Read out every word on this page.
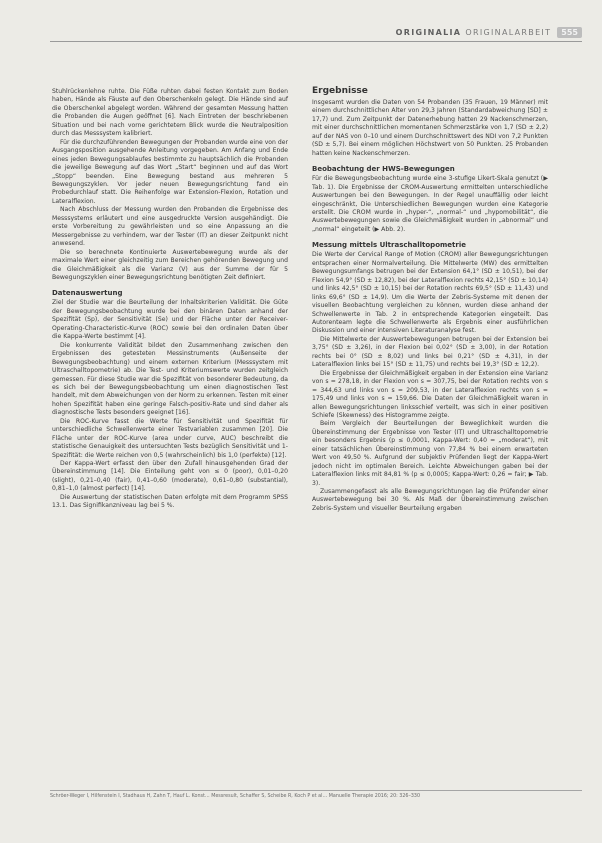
ORIGINALIA ORIGINALARBEIT	555

Stuhlrückenlehne ruhte. Die Füße ruhten dabei festen Kontakt zum Boden haben, Hände als Fäuste auf den Oberschenkeln gelegt. Die Hände sind auf die Oberschenkel abgelegt worden. Während der gesamten Messung hatten die Probanden die Augen geöffnet [6]. Nach Eintreten der beschriebenen Situation und bei nach vorne gerichtetem Blick wurde die Neutralposition durch das Messsystem kalibriert.

Für die durchzuführenden Bewegungen der Probanden wurde eine von der Ausgangsposition ausgehende Anleitung vorgegeben. Am Anfang und Ende eines jeden Bewegungsablaufes bestimmte zu hauptsächlich die Probanden die jeweilige Bewegung auf das Wort „Start“ beginnen und auf das Wort „Stopp“ beenden. Eine Bewegung bestand aus mehreren 5 Bewegungszyklen. Vor jeder neuen Bewegungsrichtung fand ein Probedurchlauf statt. Die Reihenfolge war Extension-Flexion, Rotation und Lateralflexion.

Nach Abschluss der Messung wurden den Probanden die Ergebnisse des Messsystems erläutert und eine ausgedruckte Version ausgehändigt. Die erste Vorbereitung zu gewährleisten und so eine Anpassung an die Messergebnisse zu verhindern, war der Tester (IT) an dieser Zeitpunkt nicht anwesend.

Die so berechnete Kontinuierte Auswertebewegung wurde als der maximale Wert einer gleichzeitig zum Bereichen gehörenden Bewegung und die Gleichmäßigkeit als die Varianz (V) aus der Summe der für 5 Bewegungszyklen einer Bewegungsrichtung benötigten Zeit definiert.

Datenauswertung

Ziel der Studie war die Beurteilung der Inhaltskriterien Validität. Die Güte der Bewegungsbeobachtung wurde bei den binären Daten anhand der Spezifität (Sp), der Sensitivität (Se) und der Fläche unter der Receiver-Operating-Characteristic-Kurve (ROC) sowie bei den ordinalen Daten über die Kappa-Werte bestimmt [4].

Die konkurrente Validität bildet den Zusammenhang zwischen den Ergebnissen des getesteten Messinstruments (Außenseite der Bewegungsbeobachtung) und einem externen Kriterium (Messsystem mit Ultraschalltopometrie) ab. Die Test- und Kriteriumswerte wurden zeitgleich gemessen. Für diese Studie war die Spezifität von besonderer Bedeutung, da es sich bei der Bewegungsbeobachtung um einen diagnostischen Test handelt, mit dem Abweichungen von der Norm zu erkennen. Testen mit einer hohen Spezifität haben eine geringe Falsch-positiv-Rate und sind daher als diagnostische Tests besonders geeignet [16].

Die ROC-Kurve fasst die Werte für Sensitivität und Spezifität für unterschiedliche Schwellenwerte einer Testvariablen zusammen [20]. Die Fläche unter der ROC-Kurve (area under curve, AUC) beschreibt die statistische Genauigkeit des untersuchten Tests bezüglich Sensitivität und 1-Spezifität: die Werte reichen von 0,5 (wahrscheinlich) bis 1,0 (perfekte) [12].

Der Kappa-Wert erfasst den über den Zufall hinausgehenden Grad der Übereinstimmung [14]. Die Einteilung geht von ≤ 0 (poor), 0,01–0,20 (slight), 0,21–0,40 (fair), 0,41–0,60 (moderate), 0,61–0,80 (substantial), 0,81–1,0 (almost perfect) [14].

Die Auswertung der statistischen Daten erfolgte mit dem Programm SPSS 13.1. Das Signifikanzniveau lag bei 5 %.

Ergebnisse

Insgesamt wurden die Daten von 54 Probanden (35 Frauen, 19 Männer) mit einem durchschnittlichen Alter von 29,3 Jahren (Standardabweichung [SD] ± 17,7) und. Zum Zeitpunkt der Datenerhebung hatten 29 Nackenschmerzen, mit einer durchschnittlichen momentanen Schmerzstärke von 1,7 (SD ± 2,2) auf der NAS von 0–10 und einem Durchschnittswert des NDI von 7,2 Punkten (SD ± 5,7). Bei einem möglichen Höchstwert von 50 Punkten. 25 Probanden hatten keine Nackenschmerzen.

Beobachtung der HWS-Bewegungen

Für die Bewegungsbeobachtung wurde eine 3-stufige Likert-Skala genutzt (▶ Tab. 1). Die Ergebnisse der CROM-Auswertung ermittelten unterschiedliche Auswertungen bei den Bewegungen. In der Regel unauffällig oder leicht eingeschränkt, Die Unterschiedlichen Bewegungen wurden eine Kategorie erstellt. Die CROM wurde in „hyper-“, „normal-“ und „hypomobilität“, die Auswertebewegungen sowie die Gleichmäßigkeit wurden in „abnormal“ und „normal“ eingeteilt (▶ Abb. 2).

Messung mittels Ultraschalltopometrie

Die Werte der Cervical Range of Motion (CROM) aller Bewegungsrichtungen entsprachen einer Normalverteilung. Die Mittelwerte (MW) des ermittelten Bewegungsumfangs betrugen bei der Extension 64,1° (SD ± 10,51), bei der Flexion 54,9° (SD ± 12,82), bei der Lateralflexion rechts 42,15° (SD ± 10,14) und links 42,5° (SD ± 10,15) bei der Rotation rechts 69,5° (SD ± 11,43) und links 69,6° (SD ± 14,9). Um die Werte der Zebris-Systeme mit denen der visuellen Beobachtung vergleichen zu können, wurden diese anhand der Schwellenwerte in Tab. 2 in entsprechende Kategorien eingeteilt. Das Autorenteam legte die Schwellenwerte als Ergebnis einer ausführlichen Diskussion und einer intensiven Literaturanalyse fest.

Die Mittelwerte der Auswertebewegungen betrugen bei der Extension bei 3,75° (SD ± 3,26), in der Flexion bei 0,02° (SD ± 3,00), in der Rotation rechts bei 0° (SD ± 8,02) und links bei 0,21° (SD ± 4,31), in der Lateralflexion links bei 15° (SD ± 11,75) und rechts bei 19,3° (SD ± 12,2).

Die Ergebnisse der Gleichmäßigkeit ergaben in der Extension eine Varianz von s = 278,18, in der Flexion von s = 307,75, bei der Rotation rechts von s = 344,63 und links von s = 209,53, in der Lateralflexion rechts von s = 175,49 und links von s = 159,66. Die Daten der Gleichmäßigkeit waren in allen Bewegungsrichtungen linksschief verteilt, was sich in einer positiven Schiefe (Skewness) des Histogramme zeigte.

Beim Vergleich der Beurteilungen der Beweglichkeit wurden die Übereinstimmung der Ergebnisse von Tester (IT) und Ultraschalltopometrie ein besonders Ergebnis (p ≤ 0,0001, Kappa-Wert: 0,40 = „moderat“), mit einer tatsächlichen Übereinstimmung von 77,84 % bei einem erwarteten Wert von 49,50 %. Aufgrund der subjektiv Prüfenden liegt der Kappa-Wert jedoch nicht im optimalen Bereich. Leichte Abweichungen gaben bei der Lateralflexion links mit 84,81 % (p ≤ 0,0005; Kappa-Wert: 0,26 = fair; ▶ Tab. 3).

Zusammengefasst als alle Bewegungsrichtungen lag die Prüfender einer Auswertebewegung bei 30 %. Als Maß der Übereinstimmung zwischen Zebris-System und visueller Beurteilung ergaben

Schröer-Weger I, Hilfenstein I, Stadhaus H, Zahn T, Hauf L. Konst… Messresult, Schaffer S, Scheibe R, Koch P et al… Manuelle Therapie 2016; 20: 326–330
